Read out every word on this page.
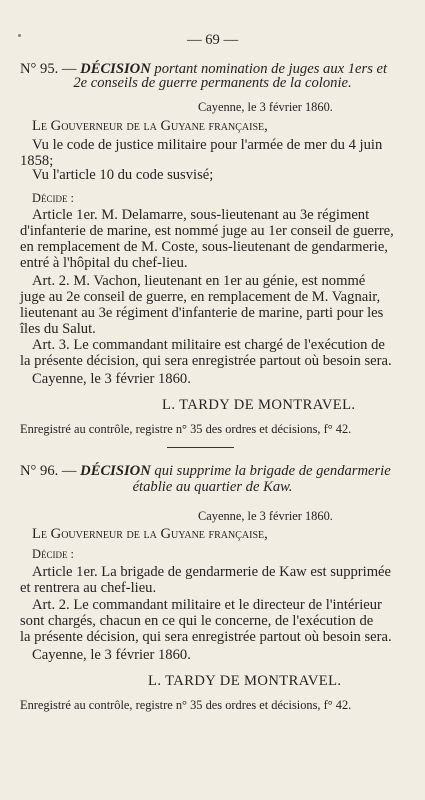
— 69 —
N° 95. — DÉCISION portant nomination de juges aux 1ers et
2e conseils de guerre permanents de la colonie.
Cayenne, le 3 février 1860.
Le Gouverneur de la Guyane française,
Vu le code de justice militaire pour l'armée de mer du 4 juin
1858;
Vu l'article 10 du code susvisé;
Décide :
Article 1er. M. Delamarre, sous-lieutenant au 3e régiment
d'infanterie de marine, est nommé juge au 1er conseil de guerre,
en remplacement de M. Coste, sous-lieutenant de gendarmerie,
entré à l'hôpital du chef-lieu.
Art. 2. M. Vachon, lieutenant en 1er au génie, est nommé
juge au 2e conseil de guerre, en remplacement de M. Vagnair,
lieutenant au 3e régiment d'infanterie de marine, parti pour les
îles du Salut.
Art. 3. Le commandant militaire est chargé de l'exécution de
la présente décision, qui sera enregistrée partout où besoin sera.
Cayenne, le 3 février 1860.
L. TARDY DE MONTRAVEL.
Enregistré au contrôle, registre n° 35 des ordres et décisions, f° 42.
N° 96. — DÉCISION qui supprime la brigade de gendarmerie
établie au quartier de Kaw.
Cayenne, le 3 février 1860.
Le Gouverneur de la Guyane française,
Décide :
Article 1er. La brigade de gendarmerie de Kaw est supprimée
et rentrera au chef-lieu.
Art. 2. Le commandant militaire et le directeur de l'intérieur
sont chargés, chacun en ce qui le concerne, de l'exécution de
la présente décision, qui sera enregistrée partout où besoin sera.
Cayenne, le 3 février 1860.
L. TARDY DE MONTRAVEL.
Enregistré au contrôle, registre n° 35 des ordres et décisions, f° 42.
